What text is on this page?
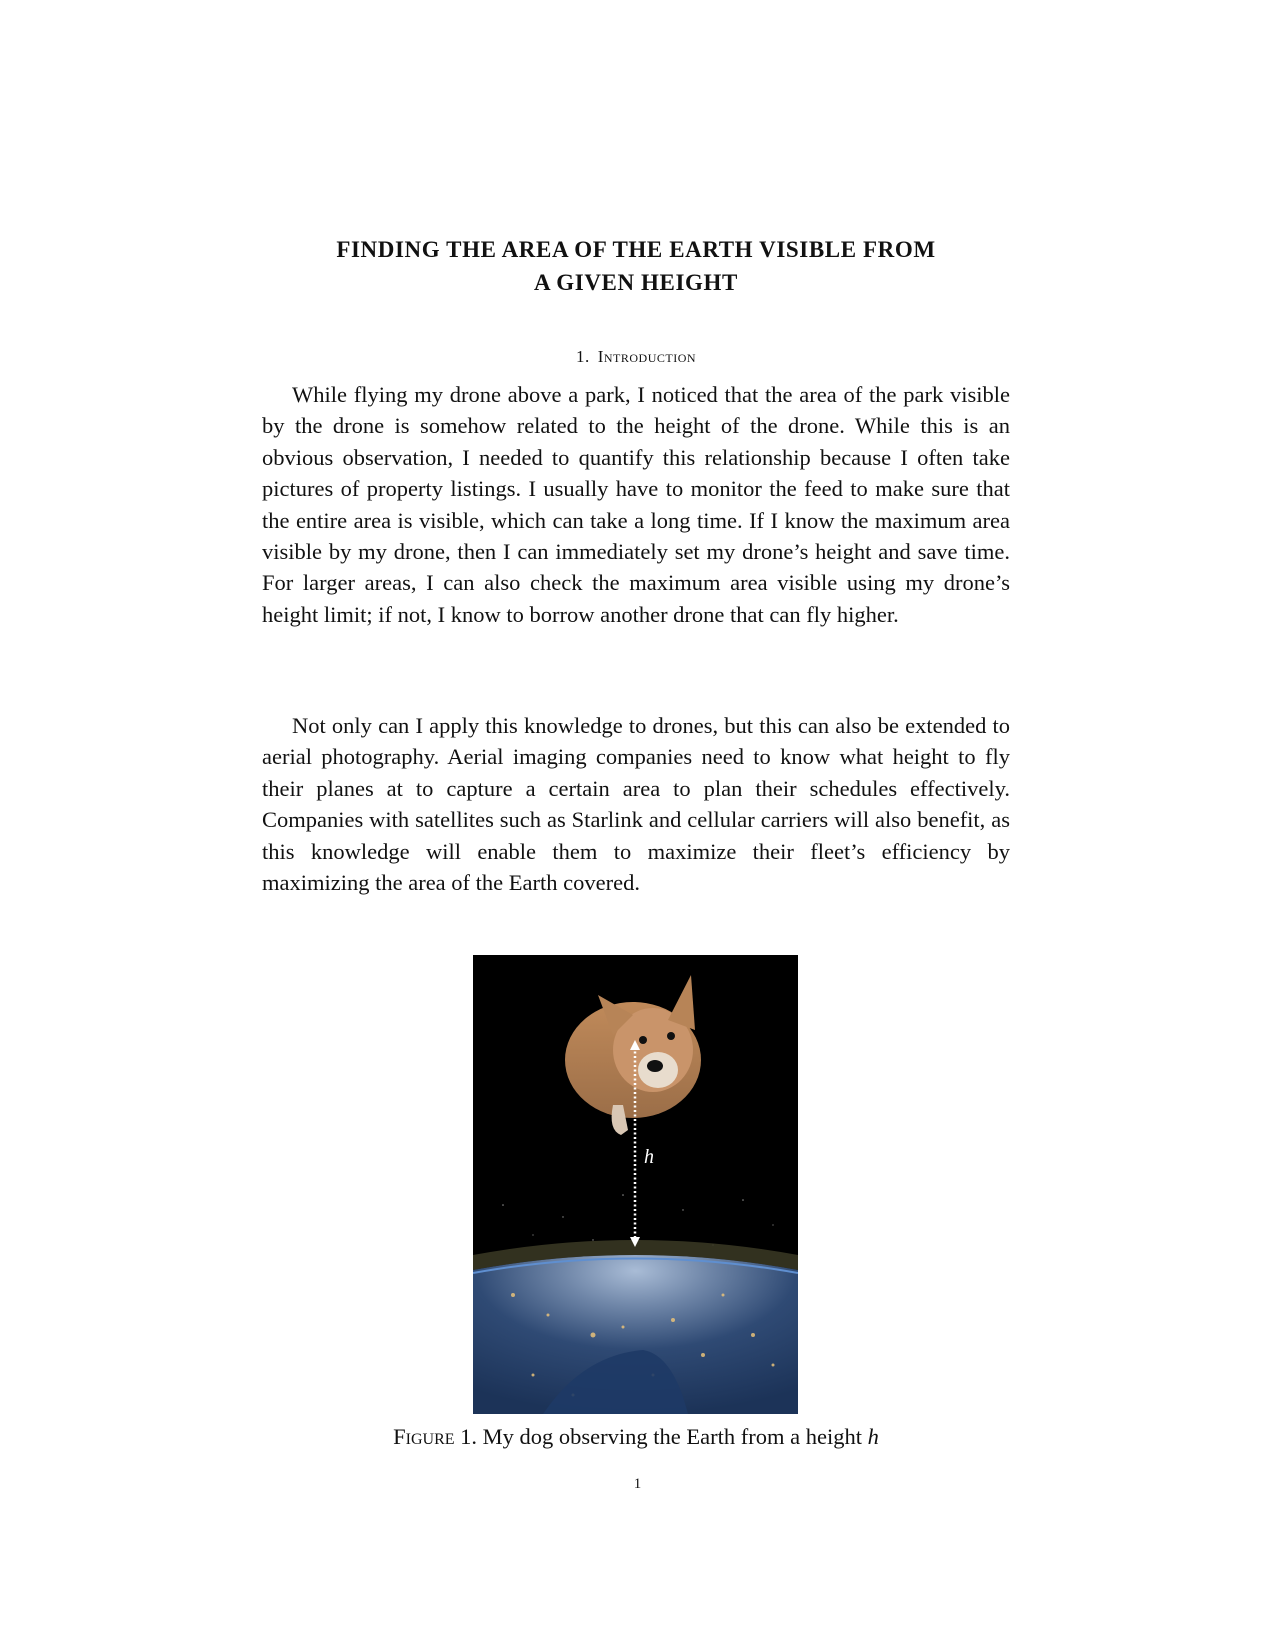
FINDING THE AREA OF THE EARTH VISIBLE FROM
A GIVEN HEIGHT
1. Introduction

While flying my drone above a park, I noticed that the area of the park visible by the drone is somehow related to the height of the drone. While this is an obvious observation, I needed to quantify this relationship because I often take pictures of property listings. I usually have to monitor the feed to make sure that the entire area is visible, which can take a long time. If I know the maximum area visible by my drone, then I can immediately set my drone’s height and save time. For larger areas, I can also check the maximum area visible using my drone’s height limit; if not, I know to borrow another drone that can fly higher.

Not only can I apply this knowledge to drones, but this can also be extended to aerial photography. Aerial imaging companies need to know what height to fly their planes at to capture a certain area to plan their schedules effectively. Companies with satellites such as Starlink and cellular carriers will also benefit, as this knowledge will enable them to maximize their fleet’s efficiency by maximizing the area of the Earth covered.

h
Figure 1. My dog observing the Earth from a height h
1
